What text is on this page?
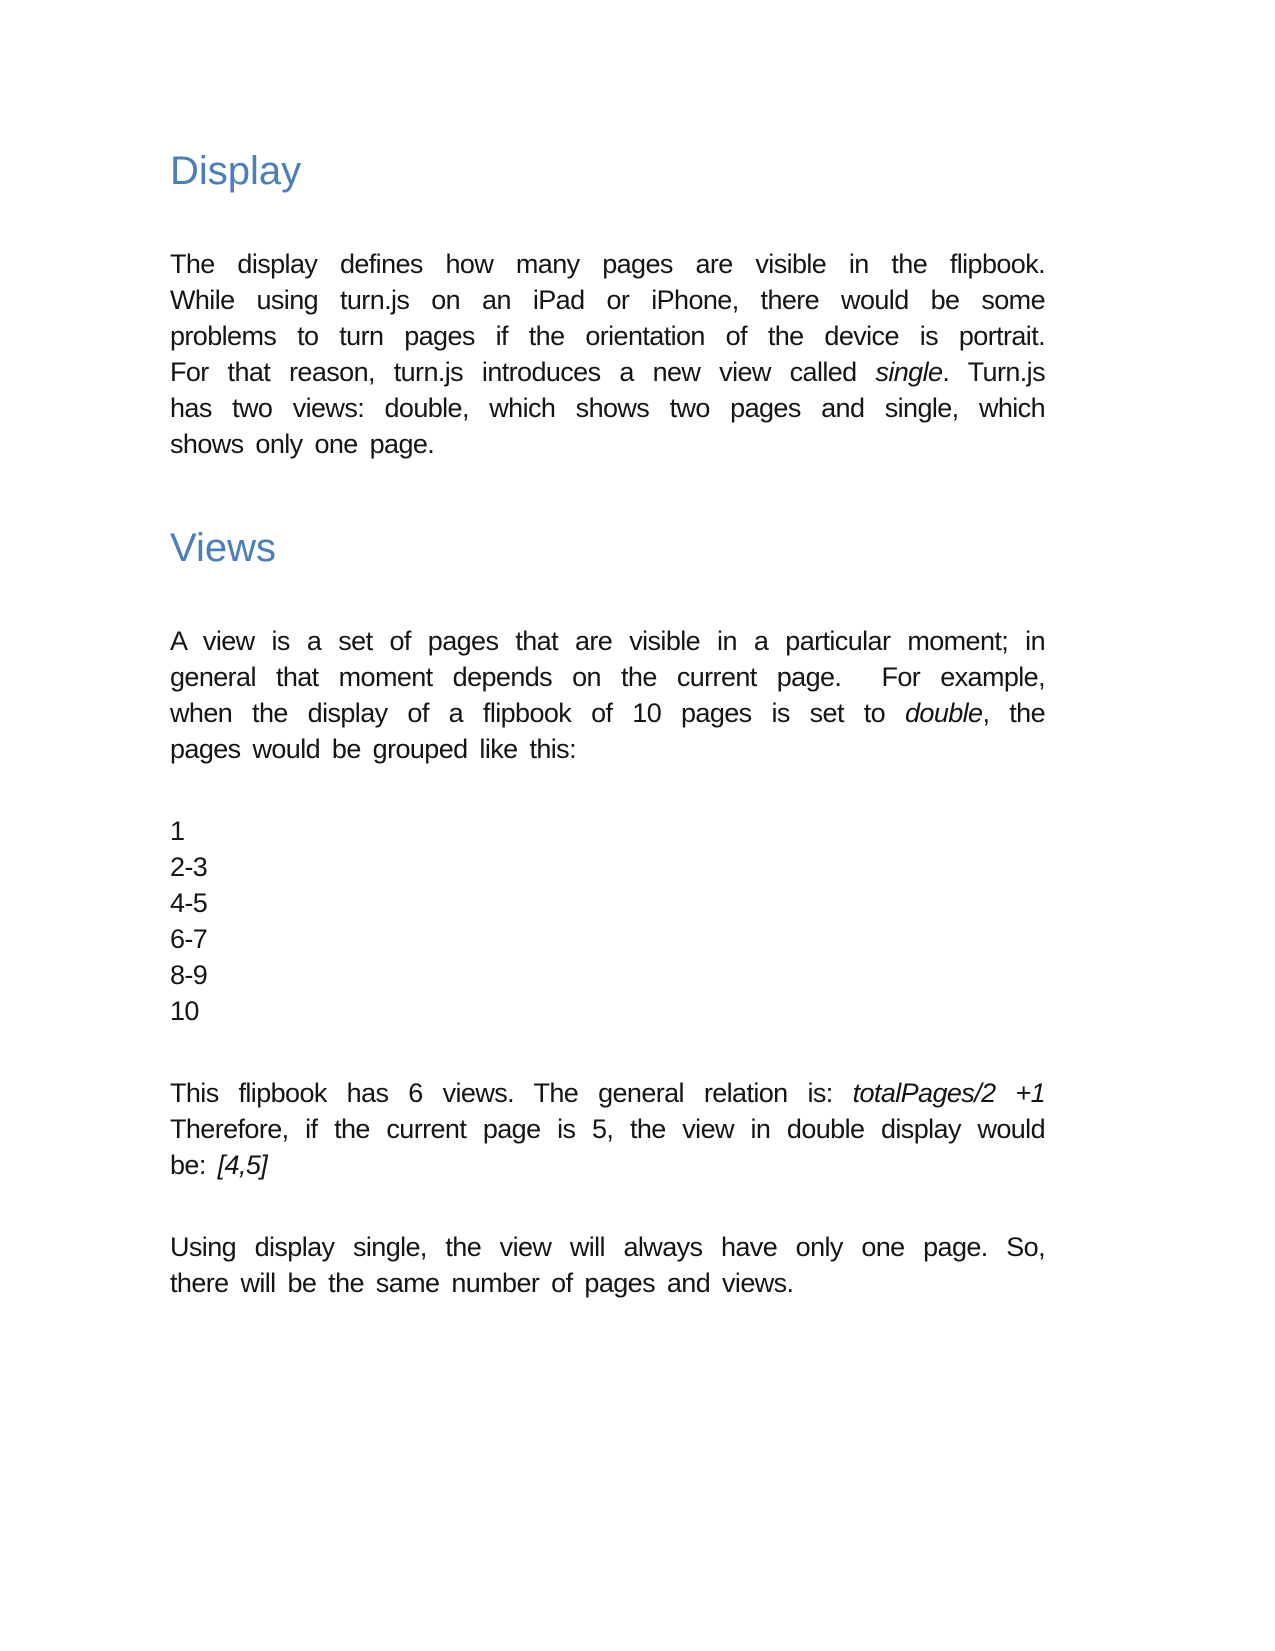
Display
The display defines how many pages are visible in the flipbook.
While using turn.js on an iPad or iPhone, there would be some
problems to turn pages if the orientation of the device is portrait.
For that reason, turn.js introduces a new view called single. Turn.js
has two views: double, which shows two pages and single, which
shows only one page.
Views
A view is a set of pages that are visible in a particular moment; in
general that moment depends on the current page.  For example,
when the display of a flipbook of 10 pages is set to double, the
pages would be grouped like this:
1
2-3
4-5
6-7
8-9
10
This flipbook has 6 views. The general relation is: totalPages/2 +1
Therefore, if the current page is 5, the view in double display would
be: [4,5]
Using display single, the view will always have only one page. So,
there will be the same number of pages and views.
